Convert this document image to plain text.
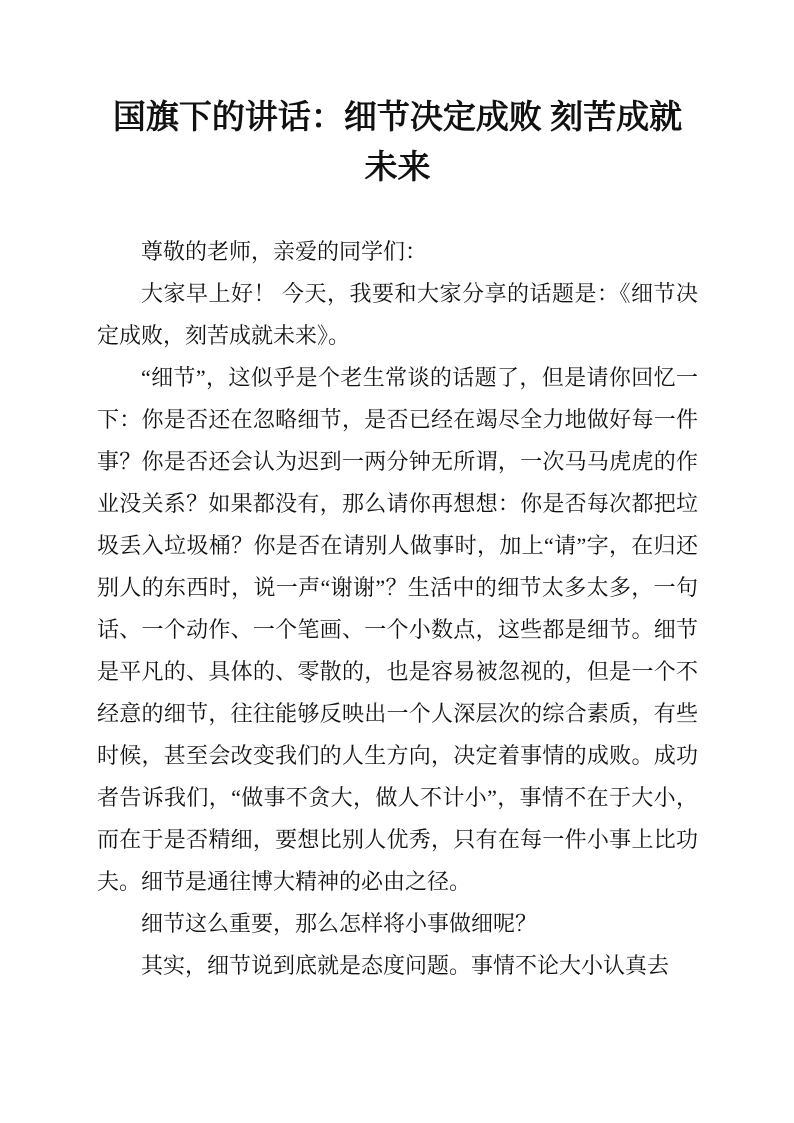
国旗下的讲话：细节决定成败 刻苦成就
未来

尊敬的老师，亲爱的同学们：

大家早上好！ 今天，我要和大家分享的话题是：《细节决定成败，刻苦成就未来》。

“细节”，这似乎是个老生常谈的话题了，但是请你回忆一下：你是否还在忽略细节，是否已经在竭尽全力地做好每一件事？你是否还会认为迟到一两分钟无所谓，一次马马虎虎的作业没关系？如果都没有，那么请你再想想：你是否每次都把垃圾丢入垃圾桶？你是否在请别人做事时，加上“请”字，在归还别人的东西时，说一声“谢谢”？生活中的细节太多太多，一句话、一个动作、一个笔画、一个小数点，这些都是细节。细节是平凡的、具体的、零散的，也是容易被忽视的，但是一个不经意的细节，往往能够反映出一个人深层次的综合素质，有些时候，甚至会改变我们的人生方向，决定着事情的成败。成功者告诉我们，“做事不贪大，做人不计小”，事情不在于大小，而在于是否精细，要想比别人优秀，只有在每一件小事上比功夫。细节是通往博大精神的必由之径。

细节这么重要，那么怎样将小事做细呢？

其实，细节说到底就是态度问题。事情不论大小认真去
